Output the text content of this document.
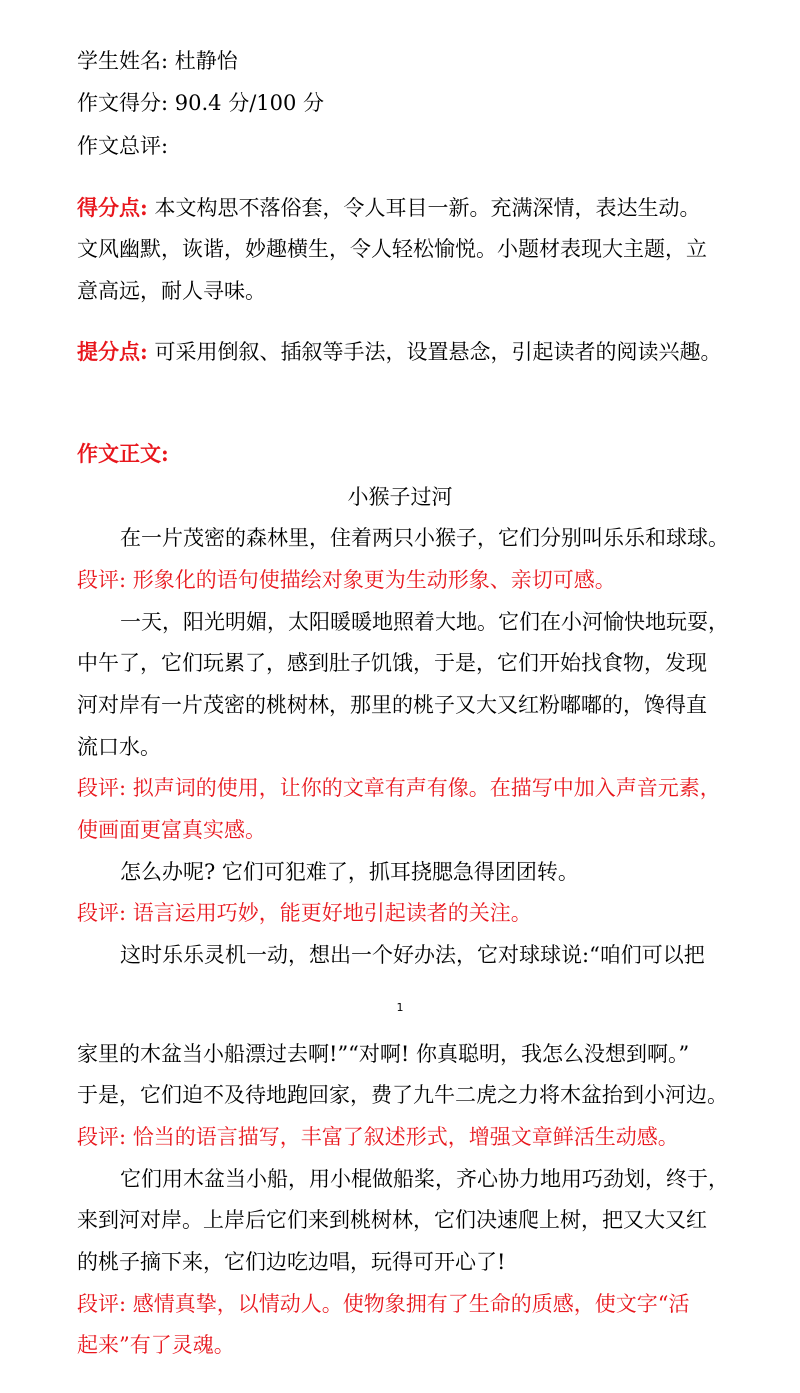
学生姓名: 杜静怡
作文得分: 90.4 分/100 分
作文总评:
得分点: 本文构思不落俗套，令人耳目一新。充满深情，表达生动。
文风幽默，诙谐，妙趣横生，令人轻松愉悦。小题材表现大主题，立
意高远，耐人寻味。
提分点: 可采用倒叙、插叙等手法，设置悬念，引起读者的阅读兴趣。
作文正文:
小猴子过河
在一片茂密的森林里，住着两只小猴子，它们分别叫乐乐和球球。
段评: 形象化的语句使描绘对象更为生动形象、亲切可感。
一天，阳光明媚，太阳暖暖地照着大地。它们在小河愉快地玩耍，
中午了，它们玩累了，感到肚子饥饿，于是，它们开始找食物，发现
河对岸有一片茂密的桃树林，那里的桃子又大又红粉嘟嘟的，馋得直
流口水。
段评: 拟声词的使用，让你的文章有声有像。在描写中加入声音元素，
使画面更富真实感。
怎么办呢? 它们可犯难了，抓耳挠腮急得团团转。
段评: 语言运用巧妙，能更好地引起读者的关注。
这时乐乐灵机一动，想出一个好办法，它对球球说:“咱们可以把
1
家里的木盆当小船漂过去啊!”“对啊! 你真聪明，我怎么没想到啊。”
于是，它们迫不及待地跑回家，费了九牛二虎之力将木盆抬到小河边。
段评: 恰当的语言描写，丰富了叙述形式，增强文章鲜活生动感。
它们用木盆当小船，用小棍做船桨，齐心协力地用巧劲划，终于，
来到河对岸。上岸后它们来到桃树林，它们决速爬上树，把又大又红
的桃子摘下来，它们边吃边唱，玩得可开心了!
段评: 感情真挚，以情动人。使物象拥有了生命的质感，使文字“活
起来”有了灵魂。
